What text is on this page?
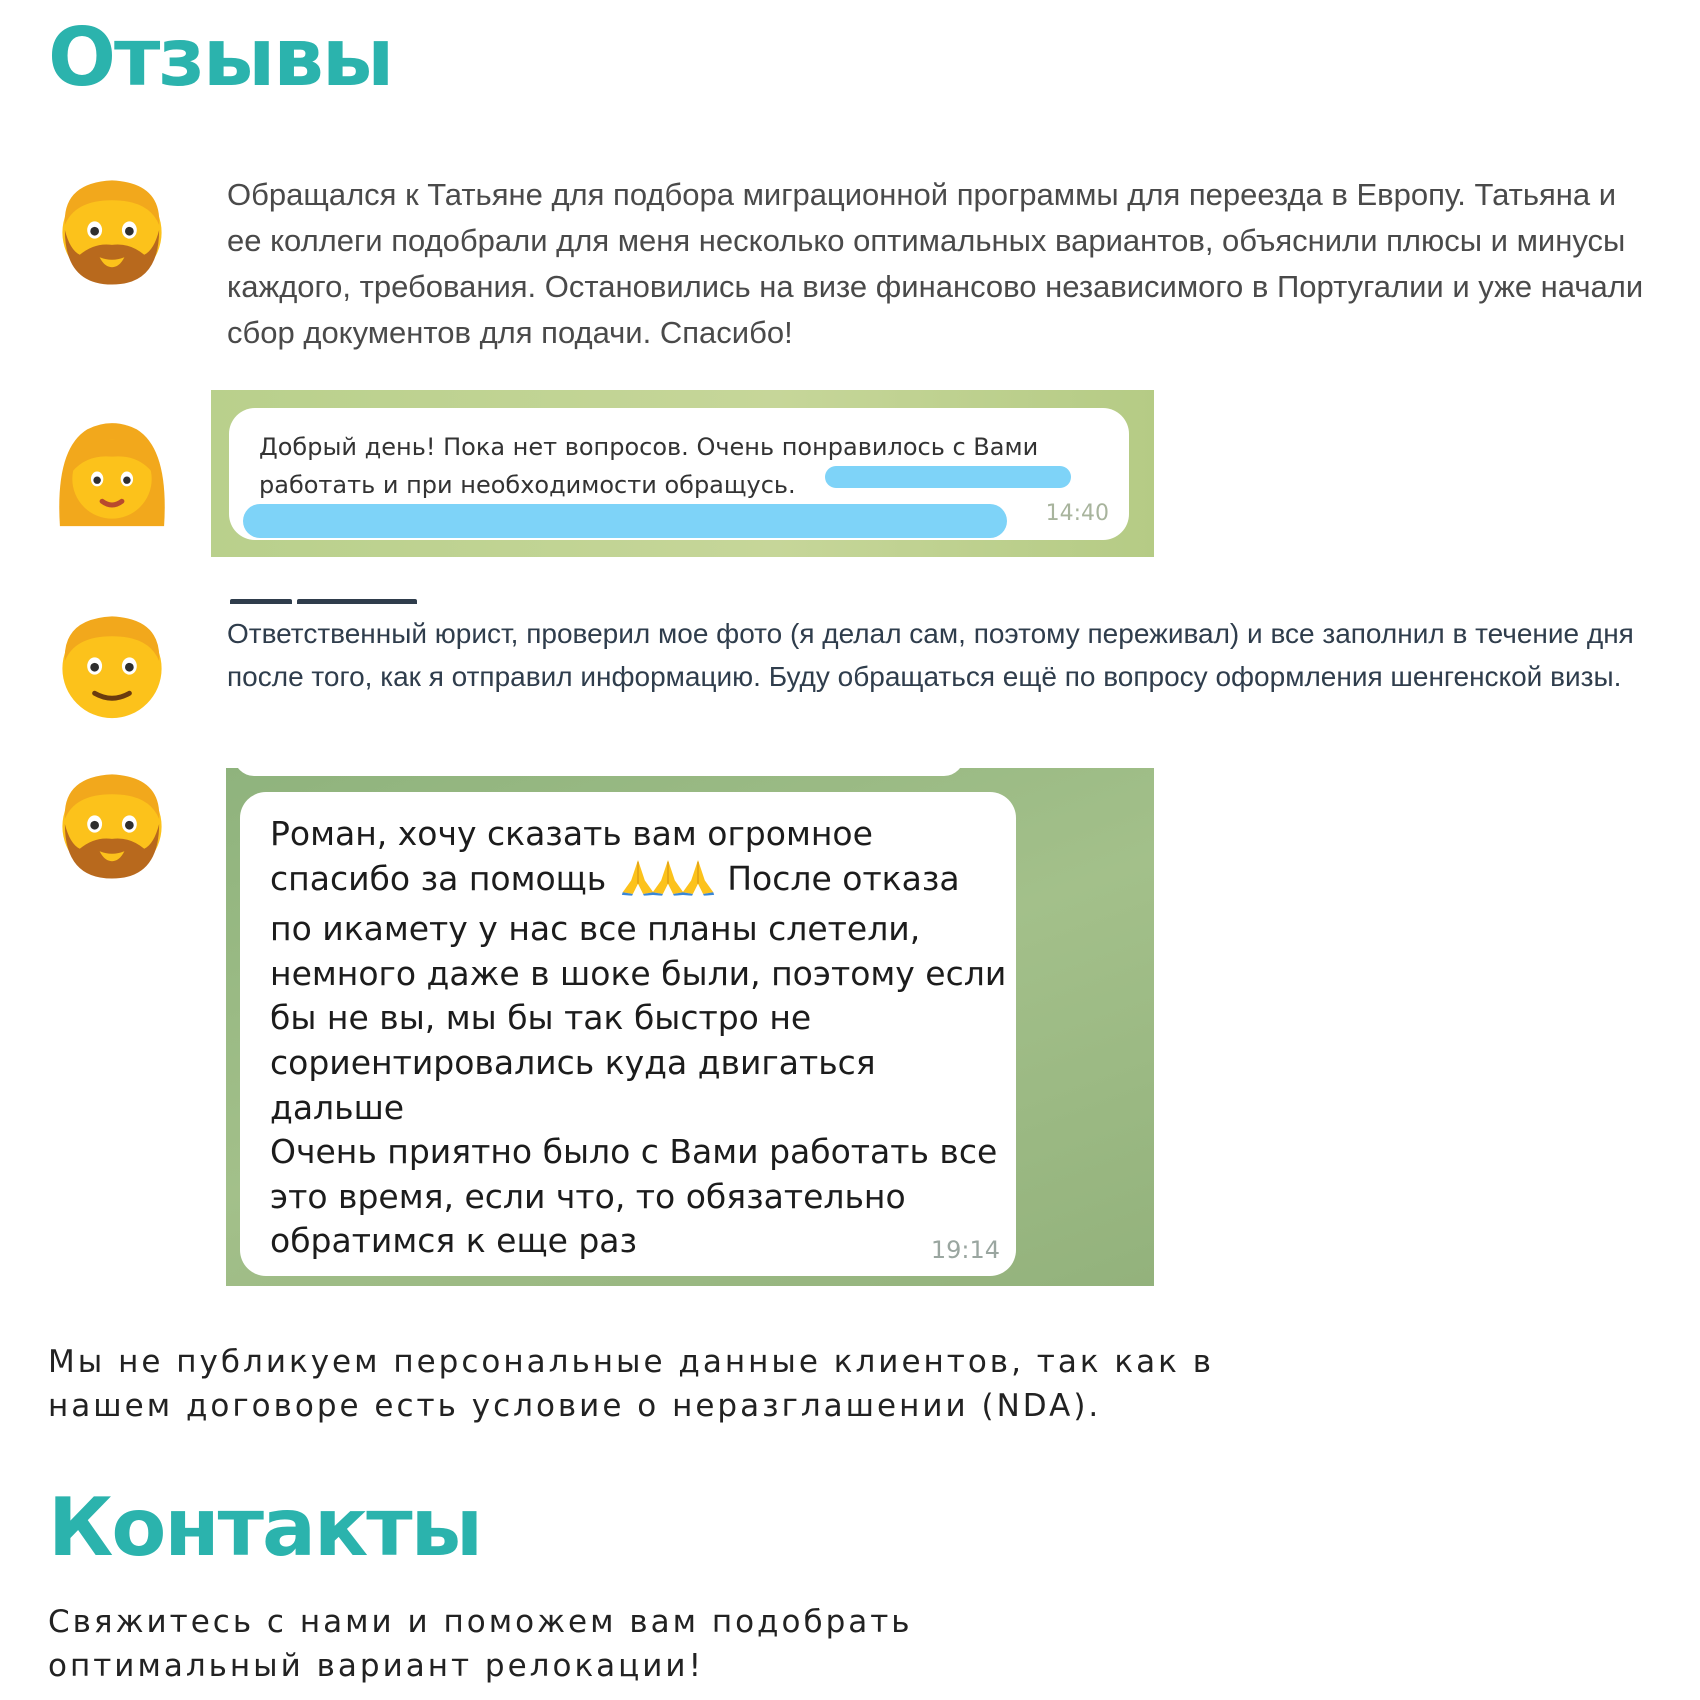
Отзывы
Обращался к Татьяне для подбора миграционной программы для переезда в Европу. Татьяна и ее коллеги подобрали для меня несколько оптимальных вариантов, объяснили плюсы и минусы каждого, требования. Остановились на визе финансово независимого в Португалии и уже начали сбор документов для подачи. Спасибо!
Добрый день! Пока нет вопросов. Очень понравилось с Вами работать и при необходимости обращусь.
14:40

Ответственный юрист, проверил мое фото (я делал сам, поэтому переживал) и все заполнил в течение дня после того, как я отправил информацию. Буду обращаться ещё по вопросу оформления шенгенской визы.
Роман, хочу сказать вам огромное спасибо за помощь	После отказа по икамету у нас все планы слетели, немного даже в шоке были, поэтому если бы не вы, мы бы так быстро не сориентировались куда двигаться дальше
Очень приятно было с Вами работать все это время, если что, то обязательно обратимся к еще раз	19:14

Мы не публикуем персональные данные клиентов, так как в нашем договоре есть условие о неразглашении (NDA).

Контакты

Свяжитесь с нами и поможем вам подобрать оптимальный вариант релокации!
